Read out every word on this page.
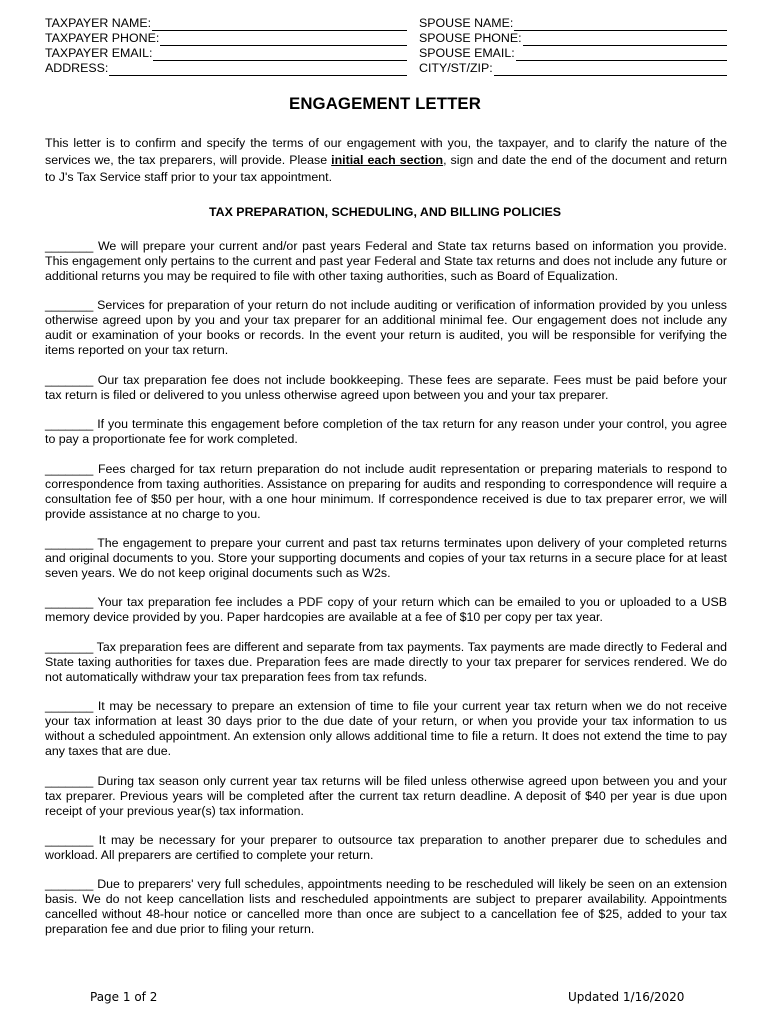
TAXPAYER NAME:	SPOUSE NAME:
TAXPAYER PHONE:	SPOUSE PHONE:
TAXPAYER EMAIL:	SPOUSE EMAIL:
ADDRESS:	CITY/ST/ZIP:
ENGAGEMENT LETTER
This letter is to confirm and specify the terms of our engagement with you, the taxpayer, and to clarify the nature of the services we, the tax preparers, will provide. Please initial each section, sign and date the end of the document and return to J's Tax Service staff prior to your tax appointment.
TAX PREPARATION, SCHEDULING, AND BILLING POLICIES

_______ We will prepare your current and/or past years Federal and State tax returns based on information you provide. This engagement only pertains to the current and past year Federal and State tax returns and does not include any future or additional returns you may be required to file with other taxing authorities, such as Board of Equalization.

_______ Services for preparation of your return do not include auditing or verification of information provided by you unless otherwise agreed upon by you and your tax preparer for an additional minimal fee. Our engagement does not include any audit or examination of your books or records. In the event your return is audited, you will be responsible for verifying the items reported on your tax return.

_______ Our tax preparation fee does not include bookkeeping. These fees are separate. Fees must be paid before your tax return is filed or delivered to you unless otherwise agreed upon between you and your tax preparer.

_______ If you terminate this engagement before completion of the tax return for any reason under your control, you agree to pay a proportionate fee for work completed.

_______ Fees charged for tax return preparation do not include audit representation or preparing materials to respond to correspondence from taxing authorities. Assistance on preparing for audits and responding to correspondence will require a consultation fee of $50 per hour, with a one hour minimum. If correspondence received is due to tax preparer error, we will provide assistance at no charge to you.

_______ The engagement to prepare your current and past tax returns terminates upon delivery of your completed returns and original documents to you. Store your supporting documents and copies of your tax returns in a secure place for at least seven years. We do not keep original documents such as W2s.

_______ Your tax preparation fee includes a PDF copy of your return which can be emailed to you or uploaded to a USB memory device provided by you. Paper hardcopies are available at a fee of $10 per copy per tax year.

_______ Tax preparation fees are different and separate from tax payments. Tax payments are made directly to Federal and State taxing authorities for taxes due. Preparation fees are made directly to your tax preparer for services rendered. We do not automatically withdraw your tax preparation fees from tax refunds.

_______ It may be necessary to prepare an extension of time to file your current year tax return when we do not receive your tax information at least 30 days prior to the due date of your return, or when you provide your tax information to us without a scheduled appointment. An extension only allows additional time to file a return. It does not extend the time to pay any taxes that are due.

_______ During tax season only current year tax returns will be filed unless otherwise agreed upon between you and your tax preparer. Previous years will be completed after the current tax return deadline. A deposit of $40 per year is due upon receipt of your previous year(s) tax information.

_______ It may be necessary for your preparer to outsource tax preparation to another preparer due to schedules and workload. All preparers are certified to complete your return.

_______ Due to preparers' very full schedules, appointments needing to be rescheduled will likely be seen on an extension basis. We do not keep cancellation lists and rescheduled appointments are subject to preparer availability. Appointments cancelled without 48-hour notice or cancelled more than once are subject to a cancellation fee of $25, added to your tax preparation fee and due prior to filing your return.

Page 1 of 2	Updated 1/16/2020
